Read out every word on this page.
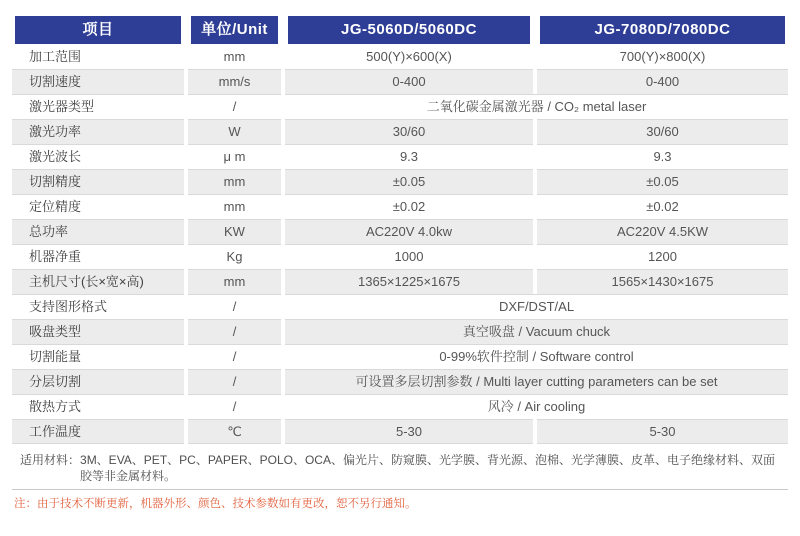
项目	单位/Unit	JG-5060D/5060DC	JG-7080D/7080DC
加工范围	mm	500(Y)×600(X)	700(Y)×800(X)
切割速度	mm/s	0-400	0-400
激光器类型	/	二氧化碳金属激光器 / CO₂ metal laser
激光功率	W	30/60	30/60
激光波长	μ m	9.3	9.3
切割精度	mm	±0.05	±0.05
定位精度	mm	±0.02	±0.02
总功率	KW	AC220V 4.0kw	AC220V 4.5KW
机器净重	Kg	1000	1200
主机尺寸(长×宽×高)	mm	1365×1225×1675	1565×1430×1675
支持图形格式	/	DXF/DST/AL
吸盘类型	/	真空吸盘 / Vacuum chuck
切割能量	/	0-99%软件控制 / Software control
分层切割	/	可设置多层切割参数 / Multi layer cutting parameters can be set
散热方式	/	风冷 / Air cooling
工作温度	℃	5-30	5-30
适用材料： 3M、EVA、PET、PC、PAPER、POLO、OCA、偏光片、防窥膜、光学膜、背光源、泡棉、光学薄膜、皮革、电子绝缘材料、双面胶等非金属材料。
注：由于技术不断更新，机器外形、颜色、技术参数如有更改，恕不另行通知。
